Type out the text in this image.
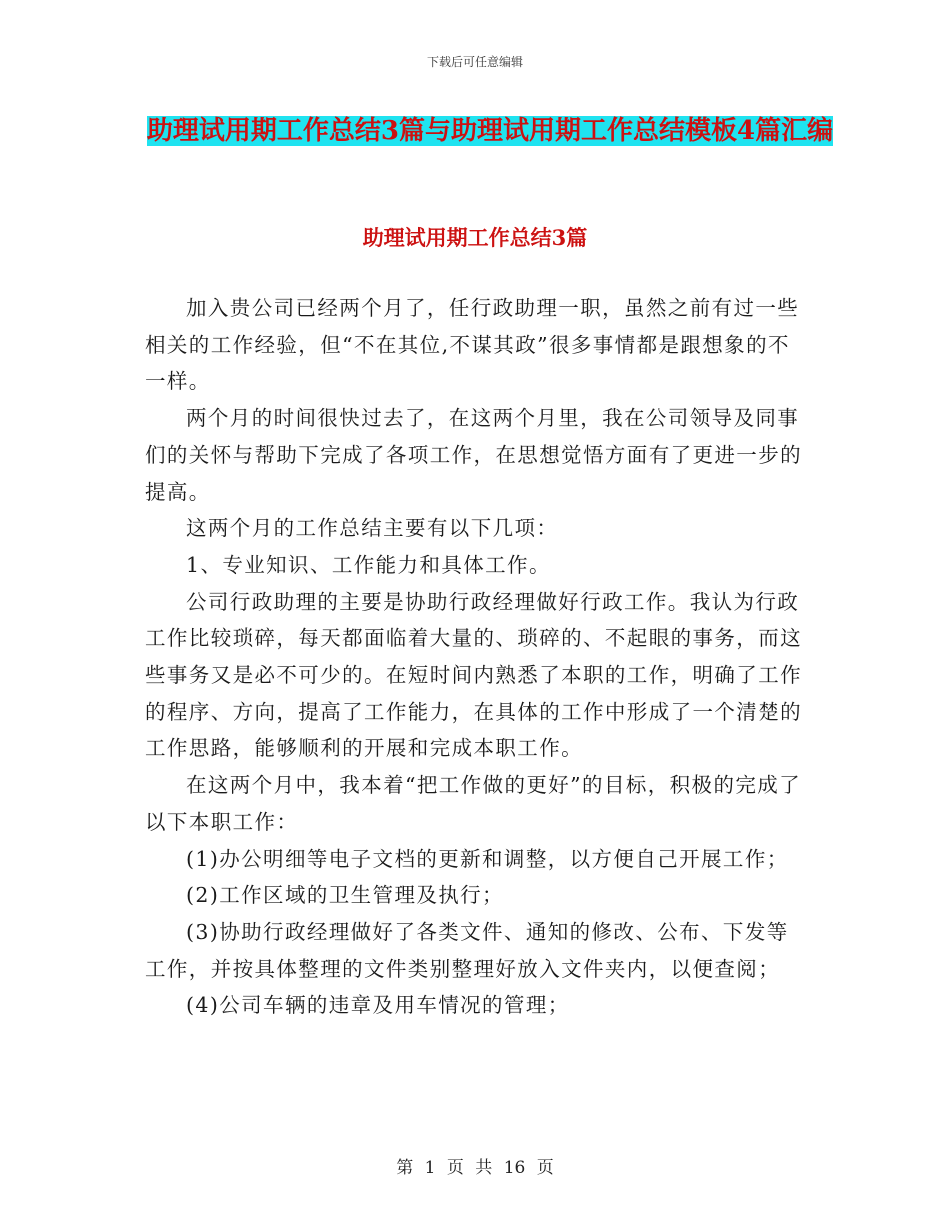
下载后可任意编辑
助理试用期工作总结3篇与助理试用期工作总结模板4篇汇编
助理试用期工作总结3篇

加入贵公司已经两个月了，任行政助理一职，虽然之前有过一些相关的工作经验，但“不在其位,不谋其政”很多事情都是跟想象的不一样。

两个月的时间很快过去了，在这两个月里，我在公司领导及同事们的关怀与帮助下完成了各项工作，在思想觉悟方面有了更进一步的提高。

这两个月的工作总结主要有以下几项：

1、专业知识、工作能力和具体工作。

公司行政助理的主要是协助行政经理做好行政工作。我认为行政工作比较琐碎，每天都面临着大量的、琐碎的、不起眼的事务，而这些事务又是必不可少的。在短时间内熟悉了本职的工作，明确了工作的程序、方向，提高了工作能力，在具体的工作中形成了一个清楚的工作思路，能够顺利的开展和完成本职工作。

在这两个月中，我本着“把工作做的更好”的目标，积极的完成了以下本职工作：

(1)办公明细等电子文档的更新和调整，以方便自己开展工作；

(2)工作区域的卫生管理及执行；

(3)协助行政经理做好了各类文件、通知的修改、公布、下发等工作，并按具体整理的文件类别整理好放入文件夹内，以便查阅；

(4)公司车辆的违章及用车情况的管理；

第 1 页 共 16 页
